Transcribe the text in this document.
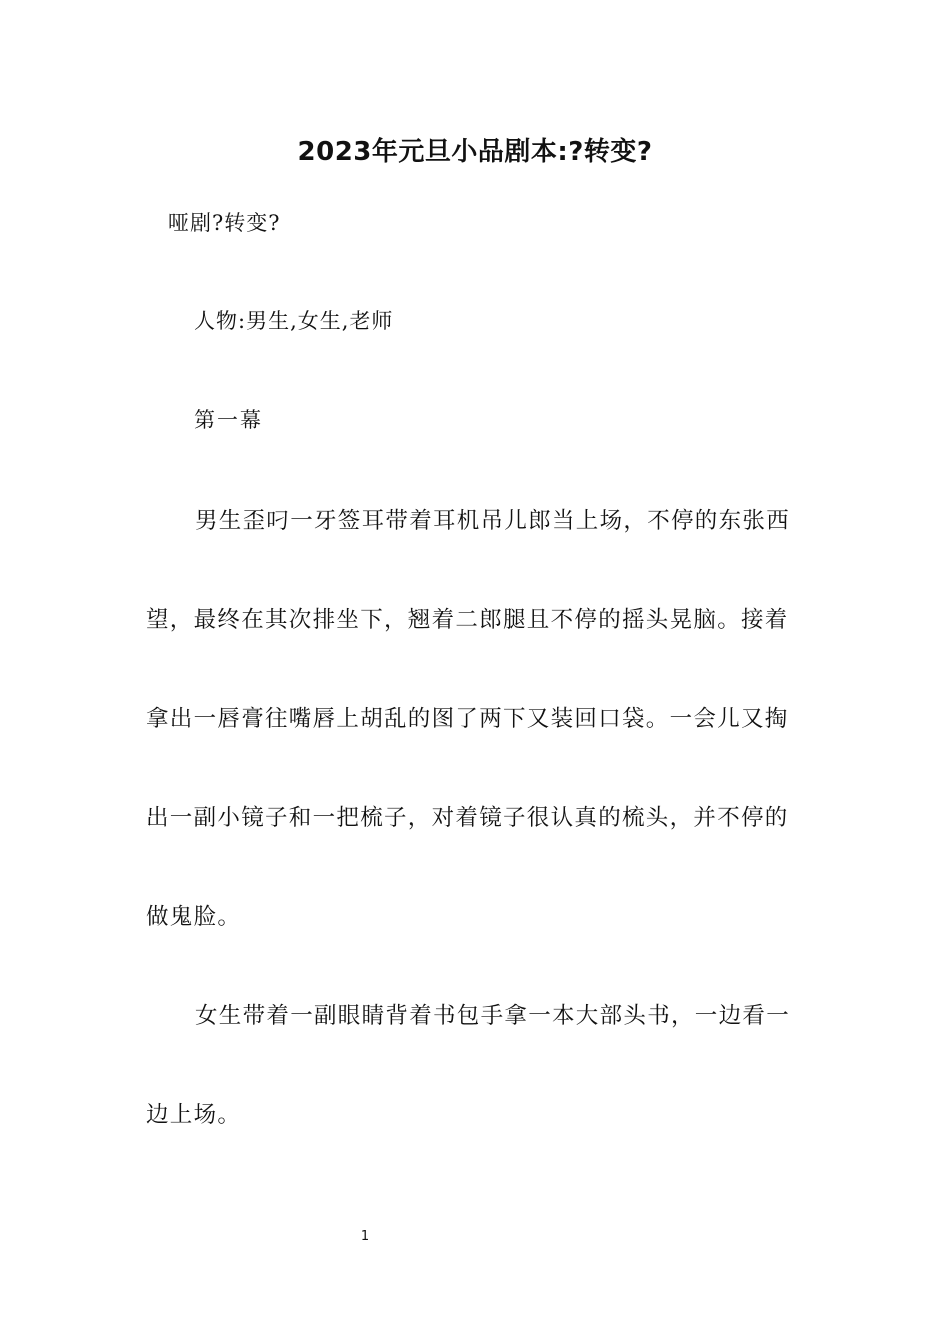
2023年元旦小品剧本:?转变?

哑剧?转变?

人物:男生,女生,老师

第一幕

男生歪叼一牙签耳带着耳机吊儿郎当上场，不停的东张西望，最终在其次排坐下，翘着二郎腿且不停的摇头晃脑。接着拿出一唇膏往嘴唇上胡乱的图了两下又装回口袋。一会儿又掏出一副小镜子和一把梳子，对着镜子很认真的梳头，并不停的做鬼脸。

女生带着一副眼睛背着书包手拿一本大部头书，一边看一边上场。

1
